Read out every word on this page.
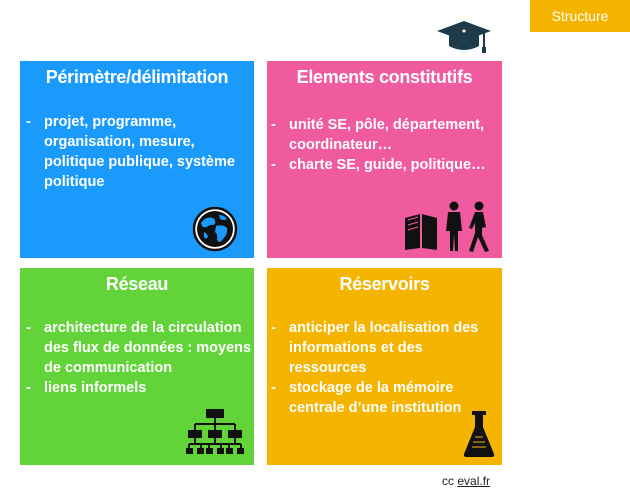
Structure
Périmètre/délimitation
- projet, programme, organisation, mesure, politique publique, système politique
Elements constitutifs
- unité SE, pôle, département, coordinateur…
- charte SE, guide, politique…
Réseau
- architecture de la circulation des flux de données : moyens de communication
- liens informels
Réservoirs
- anticiper la localisation des informations et des ressources
- stockage de la mémoire centrale d’une institution
cc eval.fr
